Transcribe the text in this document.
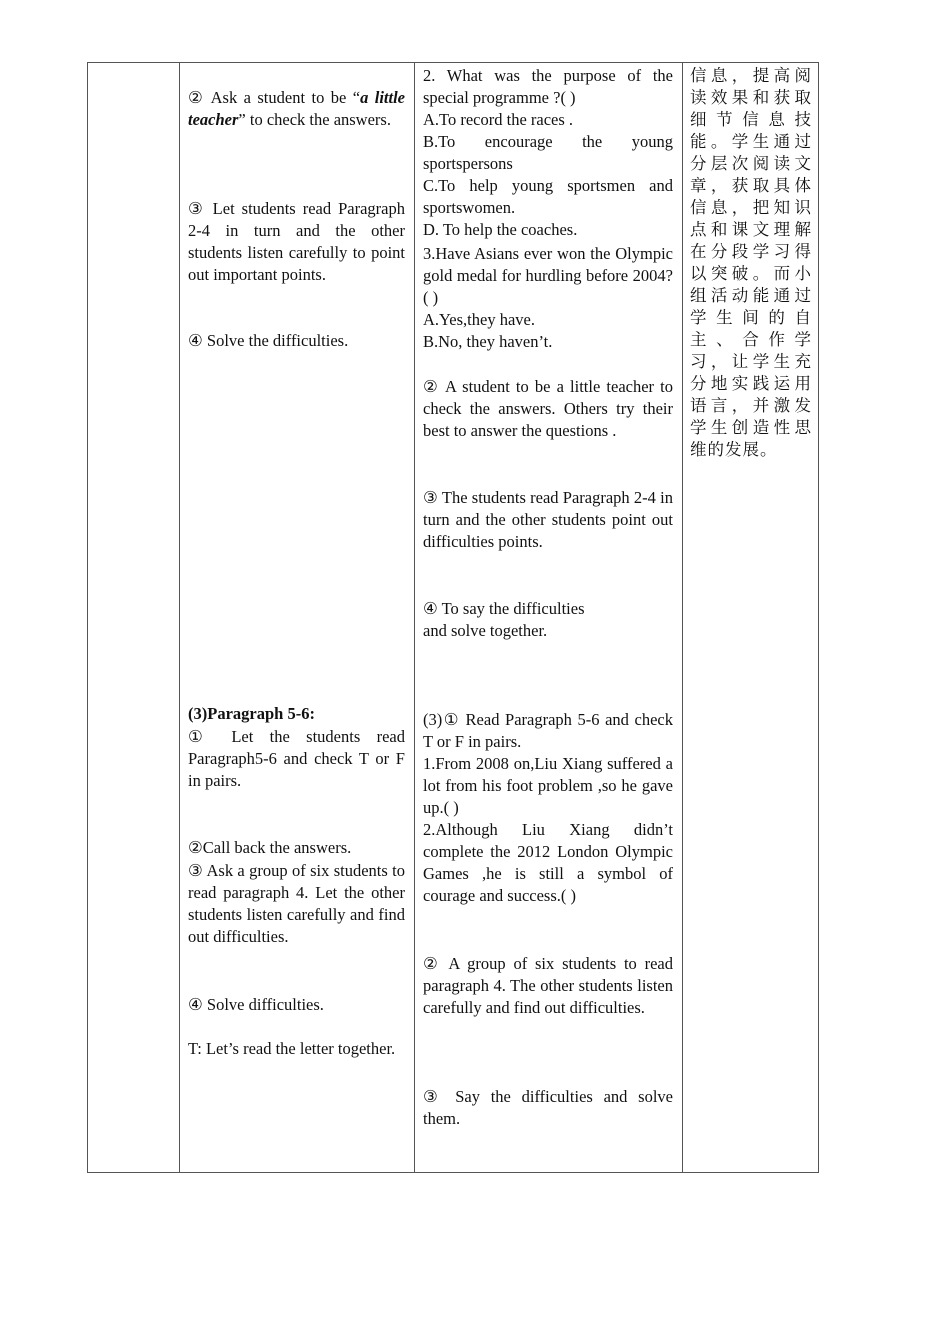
② Ask a student to be “a little teacher” to check the answers.

③ Let students read Paragraph 2-4 in turn and the other students listen carefully to point out important points.

④ Solve the difficulties.

(3)Paragraph 5-6:

① Let the students read Paragraph5-6 and check T or F in pairs.

②Call back the answers.

③ Ask a group of six students to read paragraph 4. Let the other students listen carefully and find out difficulties.

④ Solve difficulties.

T: Let’s read the letter together.

2. What was the purpose of the special programme ?( )

A.To record the races .

B.To encourage the young sportspersons

C.To help young sportsmen and sportswomen.

D. To help the coaches.

3.Have Asians ever won the Olympic gold medal for hurdling before 2004?( )

A.Yes,they have.

B.No, they haven’t.

② A student to be a little teacher to check the answers. Others try their best to answer the questions .

③ The students read Paragraph 2-4 in turn and the other students point out difficulties points.

④ To say the difficulties

and solve together.

(3)① Read Paragraph 5-6 and check T or F in pairs.

1.From 2008 on,Liu Xiang suffered a lot from his foot problem ,so he gave up.( )

2.Although Liu Xiang didn’t complete the 2012 London Olympic Games ,he is still a symbol of courage and success.( )

② A group of six students to read paragraph 4. The other students listen carefully and find out difficulties.

③ Say the difficulties and solve them.

信息，提高阅读效果和获取细节信息技能。学生通过分层次阅读文章，获取具体信息，把知识点和课文理解在分段学习得以突破。而小组活动能通过学生间的自主、合作学习，让学生充分地实践运用语言，并激发学生创造性思维的发展。
